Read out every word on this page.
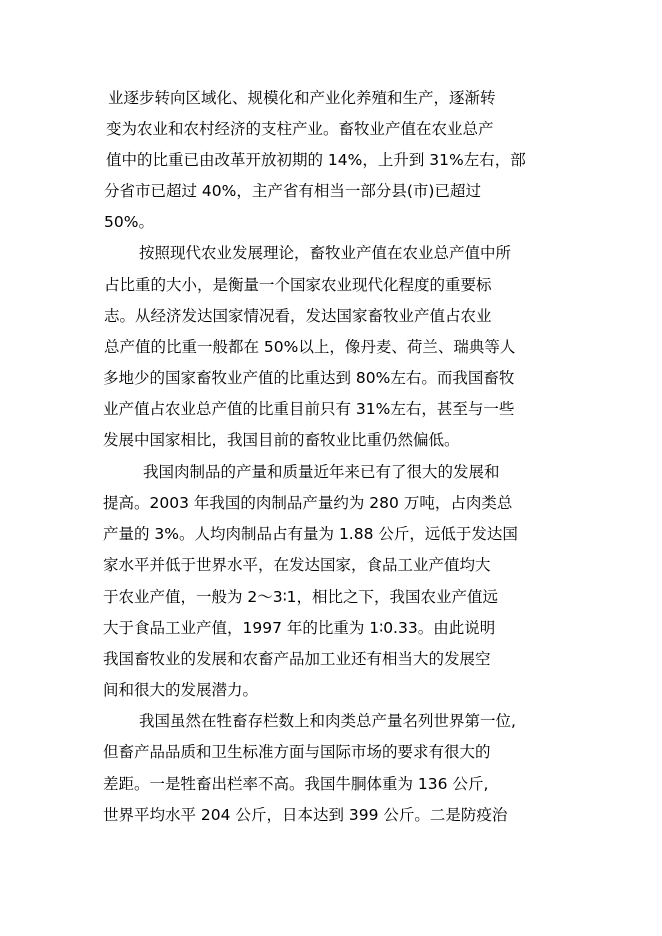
业逐步转向区域化、规模化和产业化养殖和生产，逐渐转
变为农业和农村经济的支柱产业。畜牧业产值在农业总产
值中的比重已由改革开放初期的 14%，上升到 31%左右，部
分省市已超过 40%，主产省有相当一部分县(市)已超过
50%。
按照现代农业发展理论，畜牧业产值在农业总产值中所
占比重的大小，是衡量一个国家农业现代化程度的重要标
志。从经济发达国家情况看，发达国家畜牧业产值占农业
总产值的比重一般都在 50%以上，像丹麦、荷兰、瑞典等人
多地少的国家畜牧业产值的比重达到 80%左右。而我国畜牧
业产值占农业总产值的比重目前只有 31%左右，甚至与一些
发展中国家相比，我国目前的畜牧业比重仍然偏低。
我国肉制品的产量和质量近年来已有了很大的发展和
提高。2003 年我国的肉制品产量约为 280 万吨，占肉类总
产量的 3%。人均肉制品占有量为 1.88 公斤，远低于发达国
家水平并低于世界水平，在发达国家，食品工业产值均大
于农业产值，一般为 2～3∶1，相比之下，我国农业产值远
大于食品工业产值，1997 年的比重为 1∶0.33。由此说明
我国畜牧业的发展和农畜产品加工业还有相当大的发展空
间和很大的发展潜力。
我国虽然在牲畜存栏数上和肉类总产量名列世界第一位,
但畜产品品质和卫生标准方面与国际市场的要求有很大的
差距。一是牲畜出栏率不高。我国牛胴体重为 136 公斤,
世界平均水平 204 公斤，日本达到 399 公斤。二是防疫治
